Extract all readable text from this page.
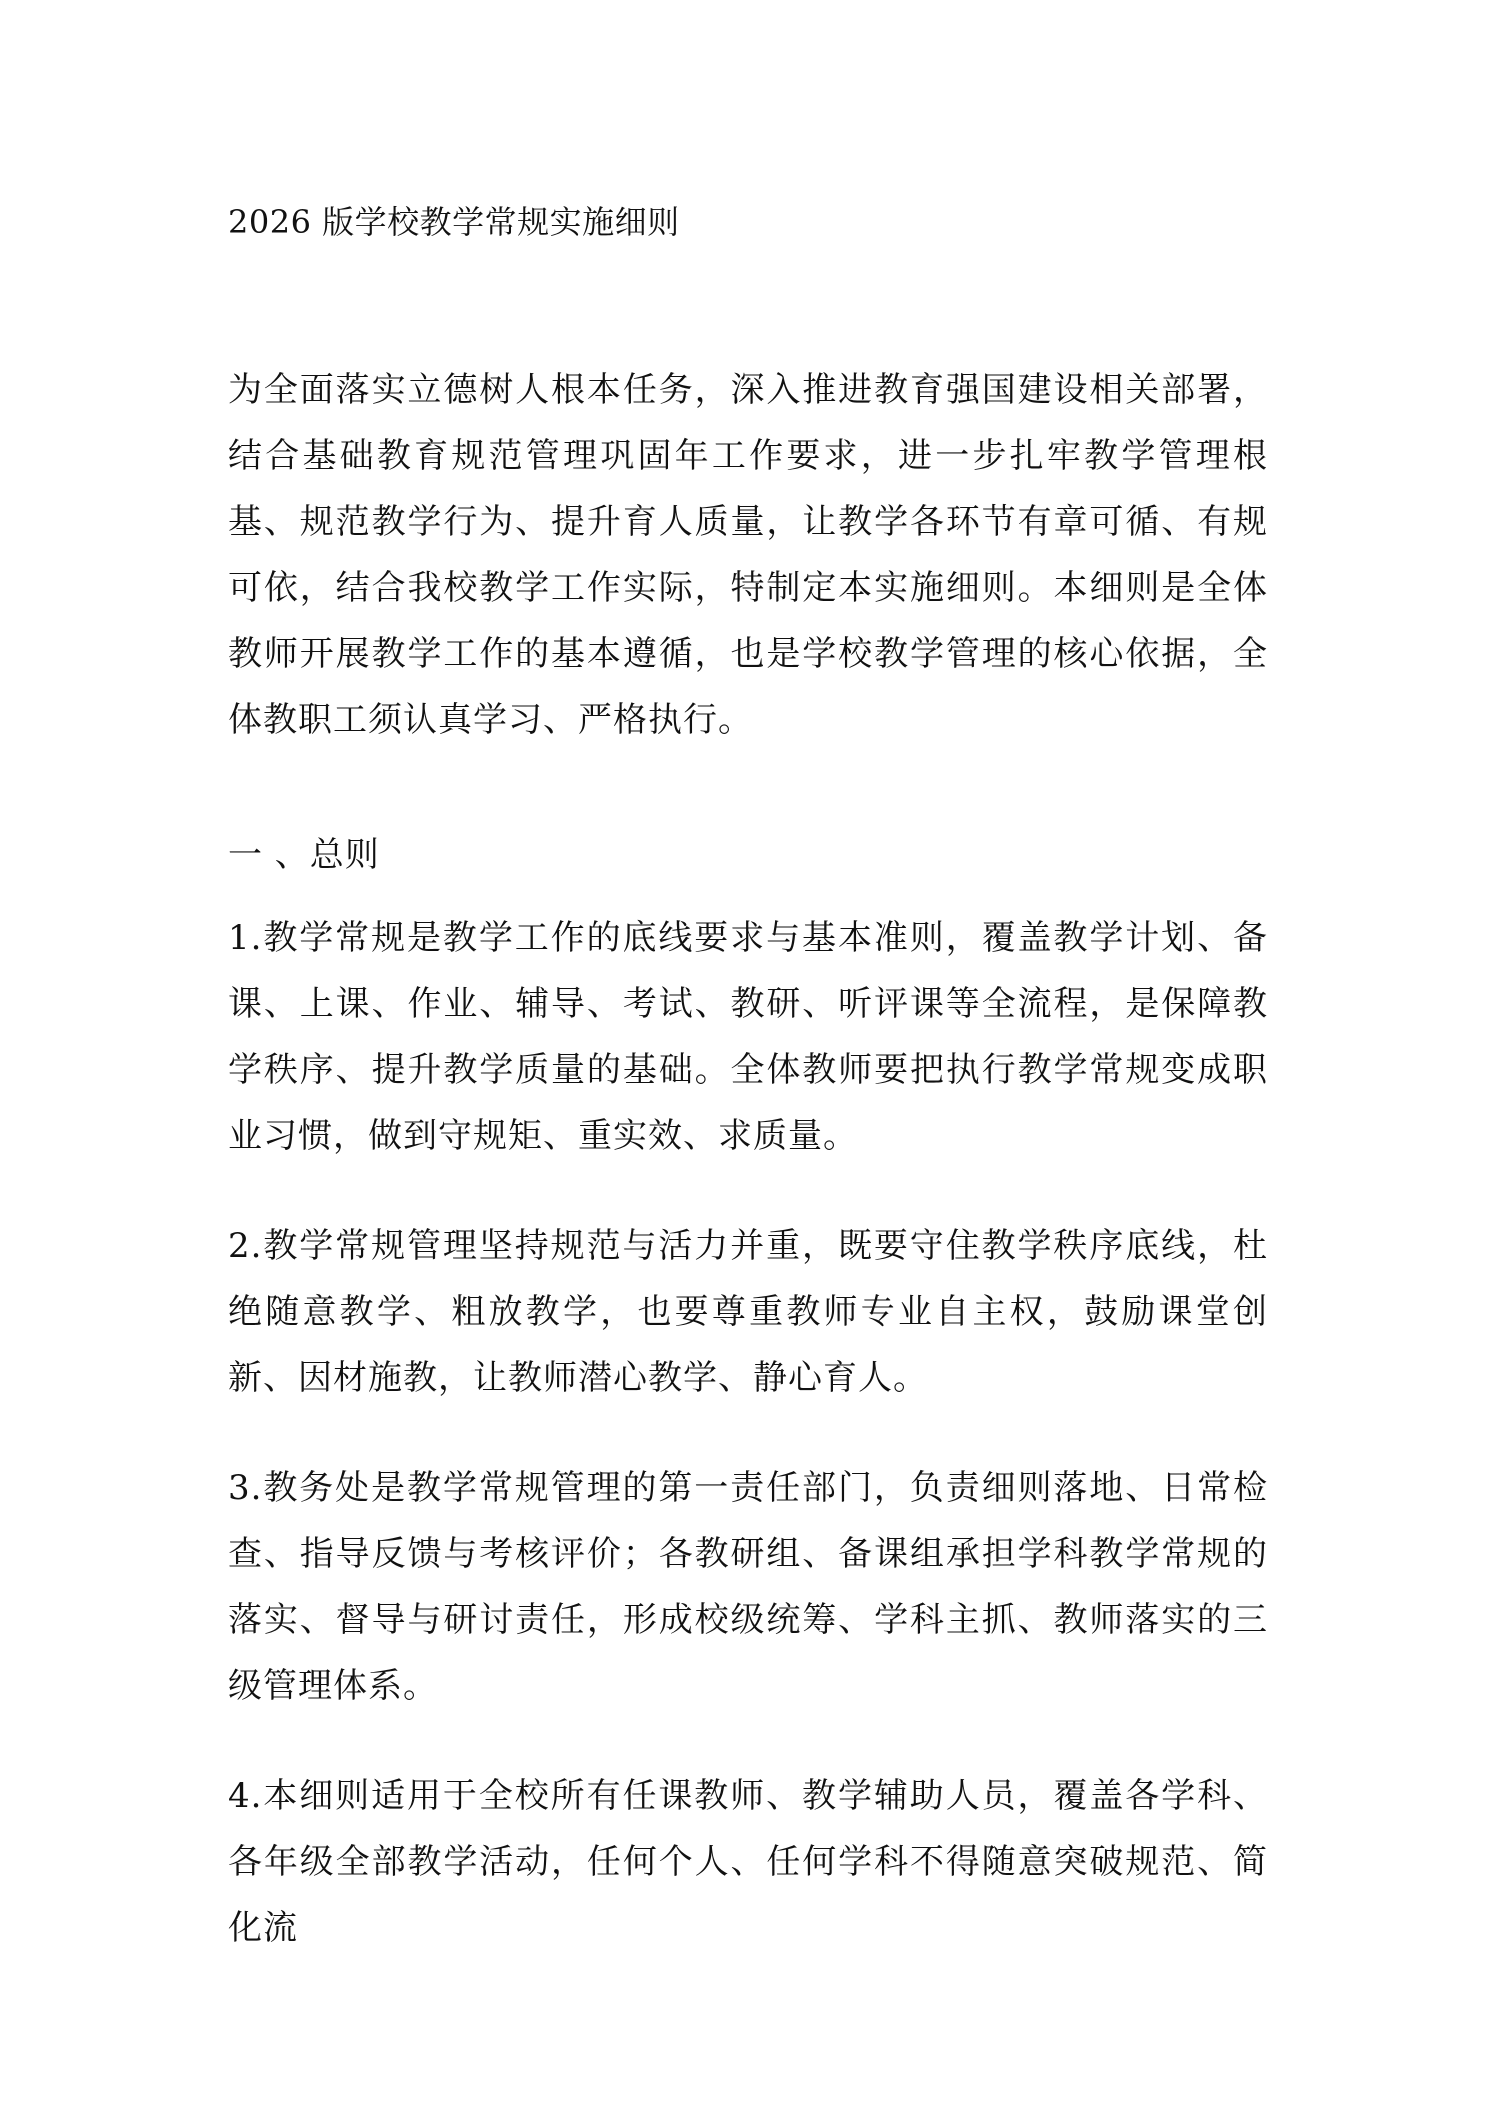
2026 版学校教学常规实施细则

为全面落实立德树人根本任务，深入推进教育强国建设相关部署，结合基础教育规范管理巩固年工作要求，进一步扎牢教学管理根基、规范教学行为、提升育人质量，让教学各环节有章可循、有规可依，结合我校教学工作实际，特制定本实施细则。本细则是全体教师开展教学工作的基本遵循，也是学校教学管理的核心依据，全体教职工须认真学习、严格执行。

一 、总则

1.教学常规是教学工作的底线要求与基本准则，覆盖教学计划、备课、上课、作业、辅导、考试、教研、听评课等全流程，是保障教学秩序、提升教学质量的基础。全体教师要把执行教学常规变成职业习惯，做到守规矩、重实效、求质量。

2.教学常规管理坚持规范与活力并重，既要守住教学秩序底线，杜绝随意教学、粗放教学，也要尊重教师专业自主权，鼓励课堂创新、因材施教，让教师潜心教学、静心育人。

3.教务处是教学常规管理的第一责任部门，负责细则落地、日常检查、指导反馈与考核评价；各教研组、备课组承担学科教学常规的落实、督导与研讨责任，形成校级统筹、学科主抓、教师落实的三级管理体系。

4.本细则适用于全校所有任课教师、教学辅助人员，覆盖各学科、各年级全部教学活动，任何个人、任何学科不得随意突破规范、简化流
